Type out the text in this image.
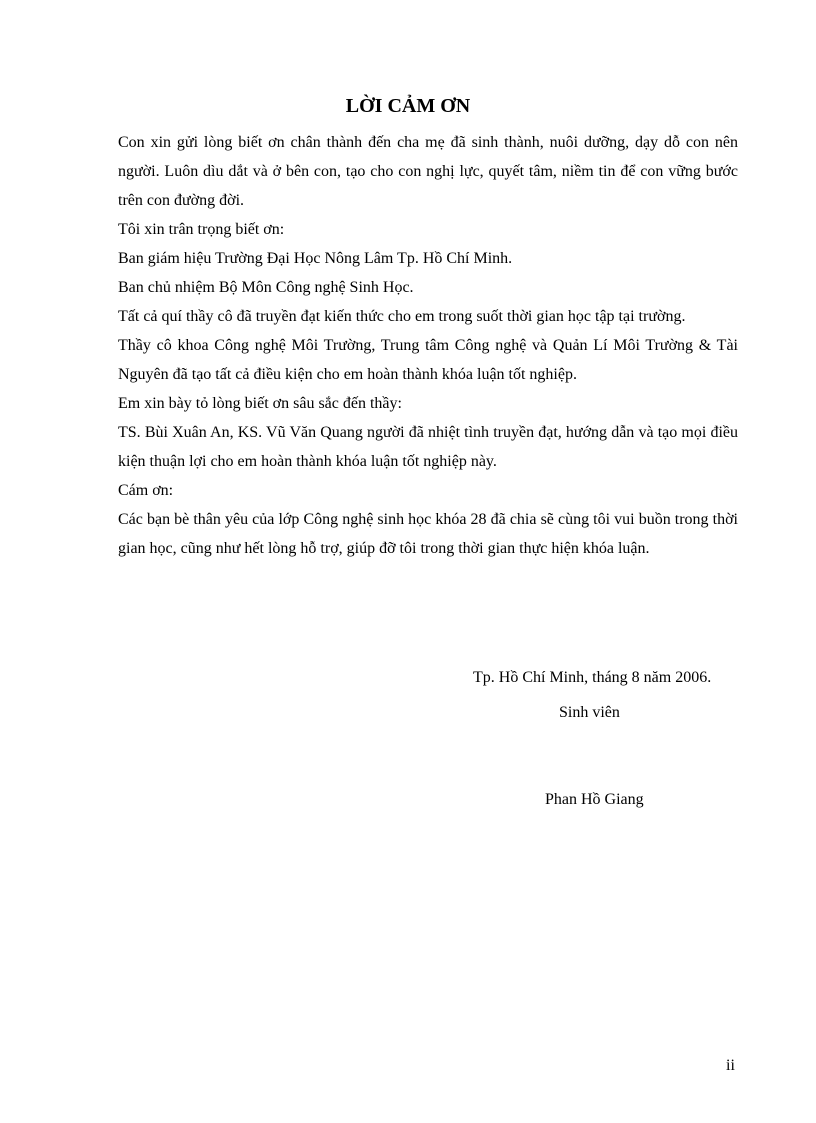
LỜI CẢM ƠN

Con xin gửi lòng biết ơn chân thành đến cha mẹ đã sinh thành, nuôi dưỡng, dạy dỗ con nên người. Luôn dìu dắt và ở bên con, tạo cho con nghị lực, quyết tâm, niềm tin để con vững bước trên con đường đời.

Tôi xin trân trọng biết ơn:

Ban giám hiệu Trường Đại Học Nông Lâm Tp. Hồ Chí Minh.

Ban chủ nhiệm Bộ Môn Công nghệ Sinh Học.

Tất cả quí thầy cô đã truyền đạt kiến thức cho em trong suốt thời gian học tập tại trường.

Thầy cô khoa Công nghệ Môi Trường, Trung tâm Công nghệ và Quản Lí Môi Trường & Tài Nguyên đã tạo tất cả điều kiện cho em hoàn thành khóa luận tốt nghiệp.

Em xin bày tỏ lòng biết ơn sâu sắc đến thầy:

TS. Bùi Xuân An, KS. Vũ Văn Quang người đã nhiệt tình truyền đạt, hướng dẫn và tạo mọi điều kiện thuận lợi cho em hoàn thành khóa luận tốt nghiệp này.

Cám ơn:

Các bạn bè thân yêu của lớp Công nghệ sinh học khóa 28 đã chia sẽ cùng tôi vui buồn trong thời gian học, cũng như hết lòng hỗ trợ, giúp đỡ tôi trong thời gian thực hiện khóa luận.

Tp. Hồ Chí Minh, tháng 8 năm 2006.
Sinh viên
Phan Hồ Giang
ii
